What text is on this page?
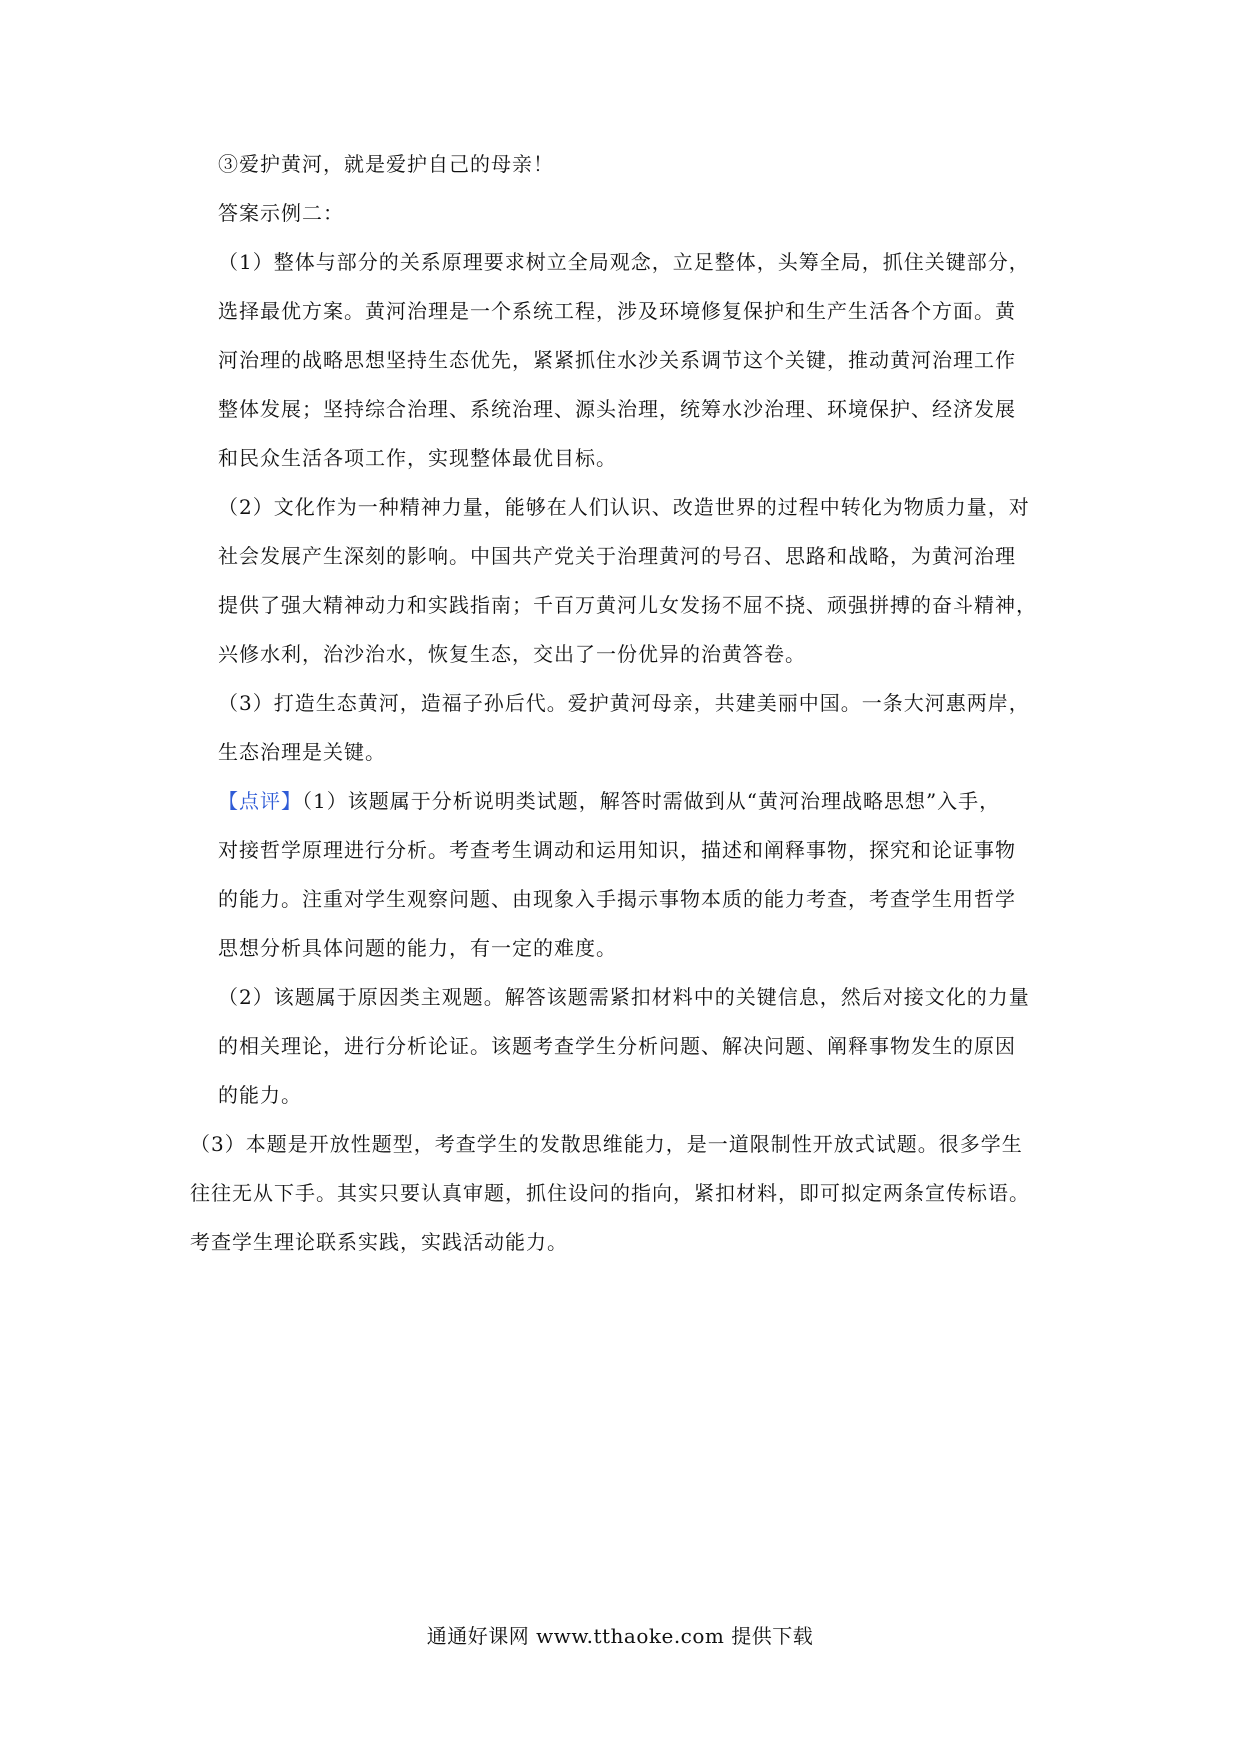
③爱护黄河，就是爱护自己的母亲！
答案示例二：
（1）整体与部分的关系原理要求树立全局观念，立足整体，头筹全局，抓住关键部分，
选择最优方案。黄河治理是一个系统工程，涉及环境修复保护和生产生活各个方面。黄
河治理的战略思想坚持生态优先，紧紧抓住水沙关系调节这个关键，推动黄河治理工作
整体发展；坚持综合治理、系统治理、源头治理，统筹水沙治理、环境保护、经济发展
和民众生活各项工作，实现整体最优目标。
（2）文化作为一种精神力量，能够在人们认识、改造世界的过程中转化为物质力量，对
社会发展产生深刻的影响。中国共产党关于治理黄河的号召、思路和战略，为黄河治理
提供了强大精神动力和实践指南；千百万黄河儿女发扬不屈不挠、顽强拼搏的奋斗精神，
兴修水利，治沙治水，恢复生态，交出了一份优异的治黄答卷。
（3）打造生态黄河，造福子孙后代。爱护黄河母亲，共建美丽中国。一条大河惠两岸，
生态治理是关键。
【点评】（1）该题属于分析说明类试题，解答时需做到从“黄河治理战略思想”入手，
对接哲学原理进行分析。考查考生调动和运用知识，描述和阐释事物，探究和论证事物
的能力。注重对学生观察问题、由现象入手揭示事物本质的能力考查，考查学生用哲学
思想分析具体问题的能力，有一定的难度。
（2）该题属于原因类主观题。解答该题需紧扣材料中的关键信息，然后对接文化的力量
的相关理论，进行分析论证。该题考查学生分析问题、解决问题、阐释事物发生的原因
的能力。
（3）本题是开放性题型，考查学生的发散思维能力，是一道限制性开放式试题。很多学生
往往无从下手。其实只要认真审题，抓住设问的指向，紧扣材料，即可拟定两条宣传标语。
考查学生理论联系实践，实践活动能力。
通通好课网 www.tthaoke.com 提供下载
